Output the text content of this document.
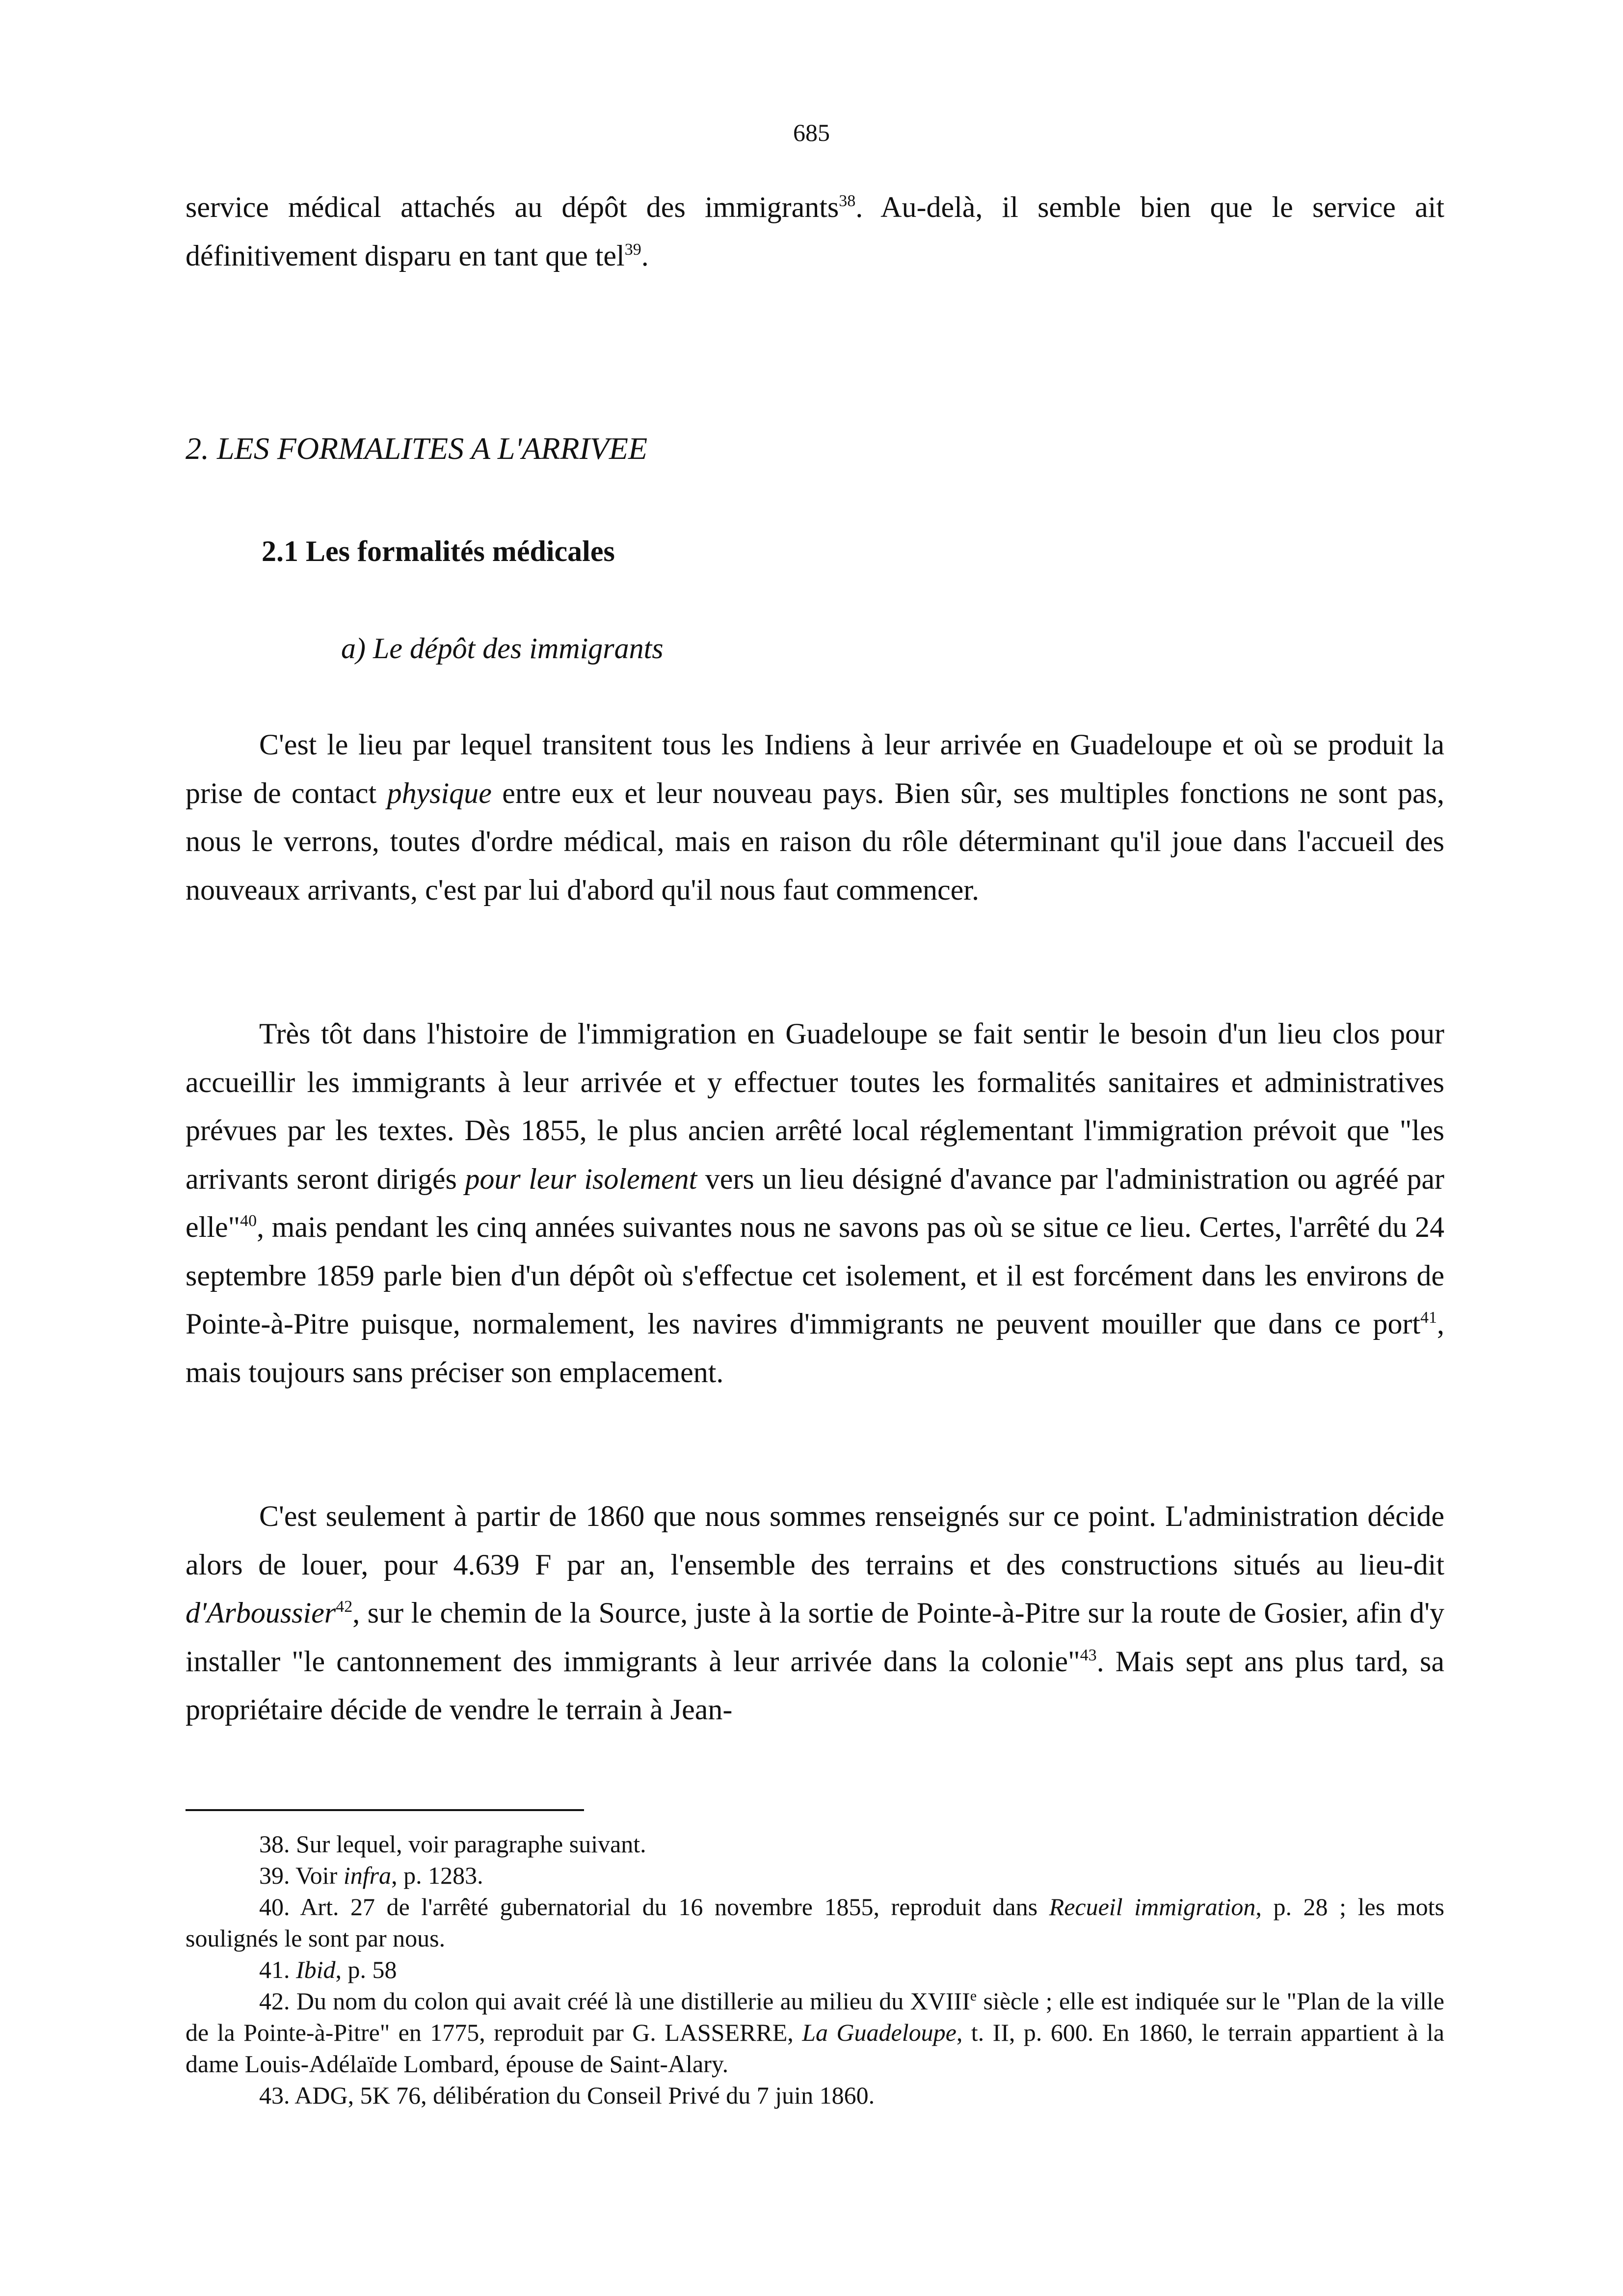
685

service médical attachés au dépôt des immigrants$^{38}$. Au-delà, il semble bien que le service ait définitivement disparu en tant que tel$^{39}$.

2. LES FORMALITES A L'ARRIVEE
2.1 Les formalités médicales
a) Le dépôt des immigrants

C'est le lieu par lequel transitent tous les Indiens à leur arrivée en Guadeloupe et où se produit la prise de contact physique entre eux et leur nouveau pays. Bien sûr, ses multiples fonctions ne sont pas, nous le verrons, toutes d'ordre médical, mais en raison du rôle déterminant qu'il joue dans l'accueil des nouveaux arrivants, c'est par lui d'abord qu'il nous faut commencer.

Très tôt dans l'histoire de l'immigration en Guadeloupe se fait sentir le besoin d'un lieu clos pour accueillir les immigrants à leur arrivée et y effectuer toutes les formalités sanitaires et administratives prévues par les textes. Dès 1855, le plus ancien arrêté local réglementant l'immigration prévoit que "les arrivants seront dirigés pour leur isolement vers un lieu désigné d'avance par l'administration ou agréé par elle"$^{40}$, mais pendant les cinq années suivantes nous ne savons pas où se situe ce lieu. Certes, l'arrêté du 24 septembre 1859 parle bien d'un dépôt où s'effectue cet isolement, et il est forcément dans les environs de Pointe-à-Pitre puisque, normalement, les navires d'immigrants ne peuvent mouiller que dans ce port$^{41}$, mais toujours sans préciser son emplacement.

C'est seulement à partir de 1860 que nous sommes renseignés sur ce point. L'administration décide alors de louer, pour 4.639 F par an, l'ensemble des terrains et des constructions situés au lieu-dit d'Arboussier$^{42}$, sur le chemin de la Source, juste à la sortie de Pointe-à-Pitre sur la route de Gosier, afin d'y installer "le cantonnement des immigrants à leur arrivée dans la colonie"$^{43}$. Mais sept ans plus tard, sa propriétaire décide de vendre le terrain à Jean-

38. Sur lequel, voir paragraphe suivant.

39. Voir infra, p. 1283.

40. Art. 27 de l'arrêté gubernatorial du 16 novembre 1855, reproduit dans Recueil immigration, p. 28 ; les mots soulignés le sont par nous.

41. Ibid, p. 58

42. Du nom du colon qui avait créé là une distillerie au milieu du XVIIIe siècle ; elle est indiquée sur le "Plan de la ville de la Pointe-à-Pitre" en 1775, reproduit par G. LASSERRE, La Guadeloupe, t. II, p. 600. En 1860, le terrain appartient à la dame Louis-Adélaïde Lombard, épouse de Saint-Alary.

43. ADG, 5K 76, délibération du Conseil Privé du 7 juin 1860.
